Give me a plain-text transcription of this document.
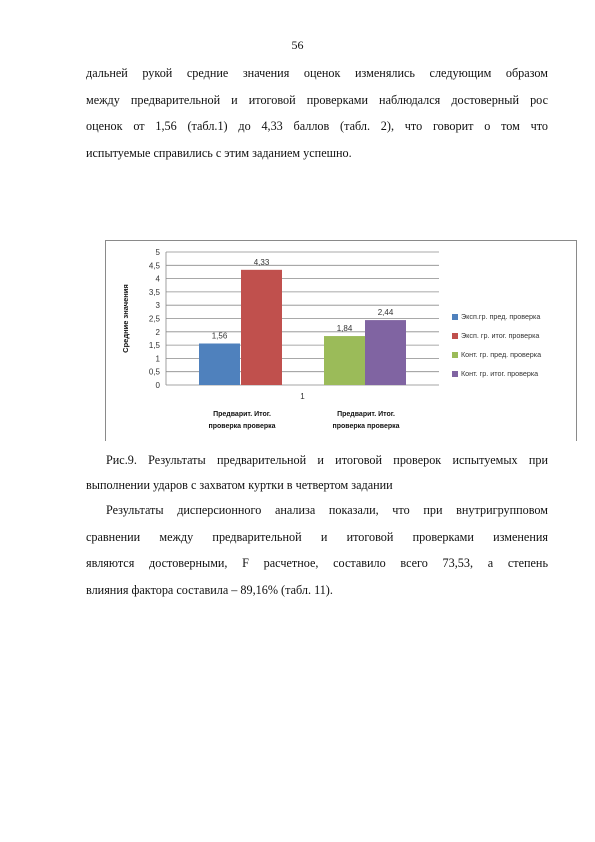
56
дальней рукой средние значения оценок изменялись следующим образом
между предварительной и итоговой проверками наблюдался достоверный рос
оценок от 1,56 (табл.1) до 4,33 баллов (табл. 2), что говорит о том что
испытуемые справились с этим заданием успешно.
0
0,5
1
1,5
2
2,5
3
3,5
4
4,5
5
Средние значения	1,56
4,33
1,84
2,44
1
Предварит. Итог.
проверка проверка
Предварит. Итог.
проверка проверка
Эксп.гр. пред. проверка
Эксп. гр. итог. проверка
Конт. гр. пред. проверка
Конт. гр. итог. проверка
Рис.9. Результаты предварительной и итоговой проверок испытуемых при
выполнении ударов с захватом куртки в четвертом задании
Результаты дисперсионного анализа показали, что при внутригрупповом
сравнении между предварительной и итоговой проверками изменения
являются достоверными, F расчетное, составило всего 73,53, а степень
влияния фактора составила – 89,16% (табл. 11).
